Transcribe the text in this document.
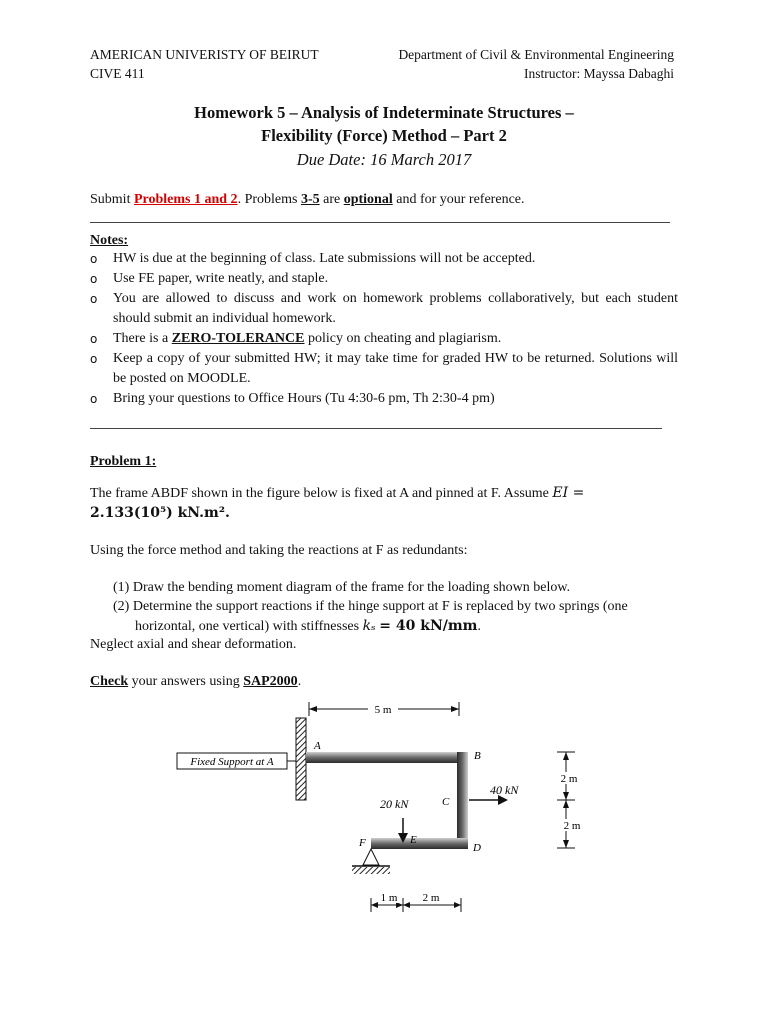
AMERICAN UNIVERISTY OF BEIRUT
CIVE 411
Department of Civil & Environmental Engineering
Instructor: Mayssa Dabaghi
Homework 5 – Analysis of Indeterminate Structures –
Flexibility (Force) Method – Part 2
Due Date: 16 March 2017
Submit Problems 1 and 2. Problems 3-5 are optional and for your reference.
Notes:

o HW is due at the beginning of class. Late submissions will not be accepted.

o Use FE paper, write neatly, and staple.

o You are allowed to discuss and work on homework problems collaboratively, but each student should submit an individual homework.

o There is a ZERO-TOLERANCE policy on cheating and plagiarism.

o Keep a copy of your submitted HW; it may take time for graded HW to be returned. Solutions will be posted on MOODLE.

o Bring your questions to Office Hours (Tu 4:30-6 pm, Th 2:30-4 pm)

Problem 1:
The frame ABDF shown in the figure below is fixed at A and pinned at F. Assume EI =
2.133(10⁵) kN.m².
Using the force method and taking the reactions at F as redundants:
(1) Draw the bending moment diagram of the frame for the loading shown below.
(2) Determine the support reactions if the hinge support at F is replaced by two springs (one
horizontal, one vertical) with stiffnesses kₛ = 40 kN/mm.
Neglect axial and shear deformation.
Check your answers using SAP2000.
5 m
Fixed Support at A
A
B
C
D
E
F
20 kN
40 kN
2 m
2 m
1 m 2 m
